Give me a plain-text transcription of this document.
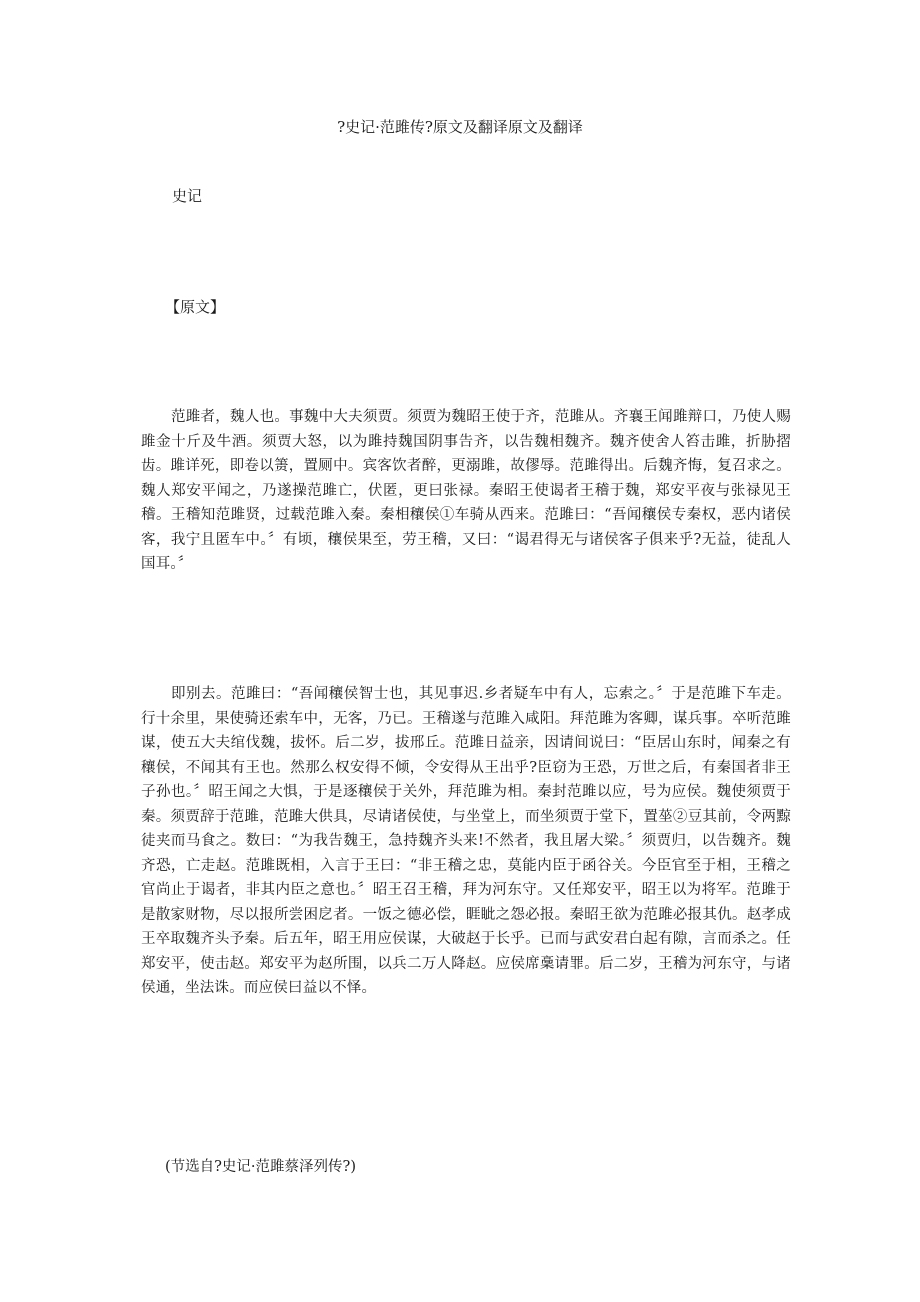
?史记·范雎传?原文及翻译原文及翻译

史记

【原文】

范雎者，魏人也。事魏中大夫须贾。须贾为魏昭王使于齐，范雎从。齐襄王闻雎辩口，乃使人赐雎金十斤及牛酒。须贾大怒，以为雎持魏国阴事告齐，以告魏相魏齐。魏齐使舍人笞击雎，折胁摺齿。雎详死，即卷以箦，置厕中。宾客饮者醉，更溺雎，故僇辱。范雎得出。后魏齐悔，复召求之。魏人郑安平闻之，乃遂操范雎亡，伏匿，更曰张禄。秦昭王使谒者王稽于魏，郑安平夜与张禄见王稽。王稽知范雎贤，过载范雎入秦。秦相穰侯①车骑从西来。范雎曰：“吾闻穰侯专秦权，恶内诸侯客，我宁且匿车中。〞有顷，穰侯果至，劳王稽，又曰：“谒君得无与诸侯客子俱来乎?无益，徒乱人国耳。〞

即别去。范雎曰：“吾闻穰侯智士也，其见事迟.乡者疑车中有人，忘索之。〞于是范雎下车走。行十余里，果使骑还索车中，无客，乃已。王稽遂与范雎入咸阳。拜范雎为客卿，谋兵事。卒听范雎谋，使五大夫绾伐魏，拔怀。后二岁，拔邢丘。范雎日益亲，因请间说曰：“臣居山东时，闻秦之有穰侯，不闻其有王也。然那么权安得不倾，令安得从王出乎?臣窃为王恐，万世之后，有秦国者非王子孙也。〞昭王闻之大惧，于是逐穰侯于关外，拜范雎为相。秦封范雎以应，号为应侯。魏使须贾于秦。须贾辞于范雎，范雎大供具，尽请诸侯使，与坐堂上，而坐须贾于堂下，置莝②豆其前，令两黥徒夹而马食之。数曰：“为我告魏王，急持魏齐头来!不然者，我且屠大梁。〞须贾归，以告魏齐。魏齐恐，亡走赵。范雎既相，入言于王曰：“非王稽之忠，莫能内臣于函谷关。今臣官至于相，王稽之官尚止于谒者，非其内臣之意也。〞昭王召王稽，拜为河东守。又任郑安平，昭王以为将军。范雎于是散家财物，尽以报所尝困戹者。一饭之德必偿，睚眦之怨必报。秦昭王欲为范雎必报其仇。赵孝成王卒取魏齐头予秦。后五年，昭王用应侯谋，大破赵于长乎。已而与武安君白起有隙，言而杀之。任郑安平，使击赵。郑安平为赵所围，以兵二万人降赵。应侯席稾请罪。后二岁，王稽为河东守，与诸侯通，坐法诛。而应侯曰益以不怿。

(节选自?史记·范雎蔡泽列传?)
